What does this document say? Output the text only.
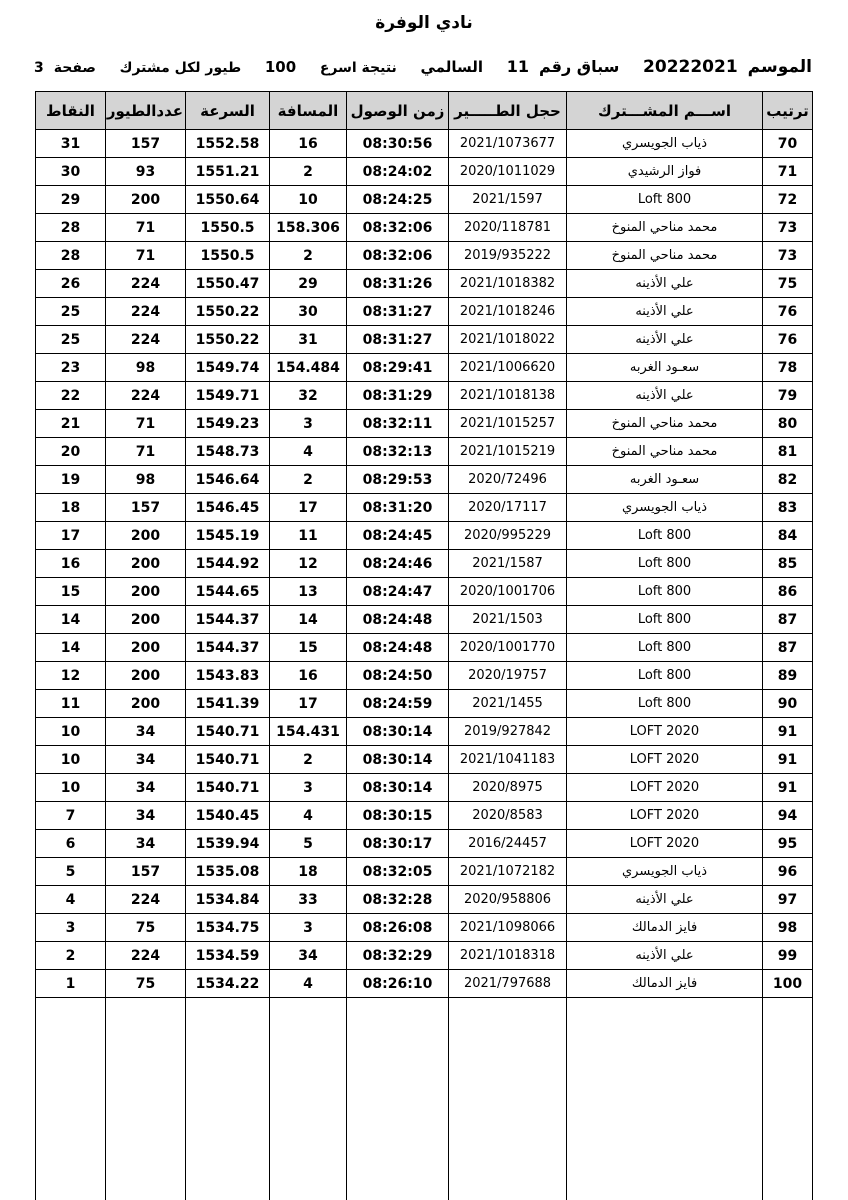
نادي الوفرة
الموسم20222021
سباق رقم11
السالمي
نتيجة اسرع
100
طيور لكل مشترك
صفحة3
ترتيب	اســـم المشـــترك	حجل الطـــــير	زمن الوصول	المسافة	السرعة	عددالطيور	النقاط
70	ذياب الجويسري	2021/1073677	08:30:56	16	1552.58	157	31
71	فواز الرشيدي	2020/1011029	08:24:02	2	1551.21	93	30
72	Loft 800	2021/1597	08:24:25	10	1550.64	200	29
73	محمد مناحي المنوخ	2020/118781	08:32:06	158.306	1550.5	71	28
73	محمد مناحي المنوخ	2019/935222	08:32:06	2	1550.5	71	28
75	علي الأذينه	2021/1018382	08:31:26	29	1550.47	224	26
76	علي الأذينه	2021/1018246	08:31:27	30	1550.22	224	25
76	علي الأذينه	2021/1018022	08:31:27	31	1550.22	224	25
78	سعـود الغربه	2021/1006620	08:29:41	154.484	1549.74	98	23
79	علي الأذينه	2021/1018138	08:31:29	32	1549.71	224	22
80	محمد مناحي المنوخ	2021/1015257	08:32:11	3	1549.23	71	21
81	محمد مناحي المنوخ	2021/1015219	08:32:13	4	1548.73	71	20
82	سعـود الغربه	2020/72496	08:29:53	2	1546.64	98	19
83	ذياب الجويسري	2020/17117	08:31:20	17	1546.45	157	18
84	Loft 800	2020/995229	08:24:45	11	1545.19	200	17
85	Loft 800	2021/1587	08:24:46	12	1544.92	200	16
86	Loft 800	2020/1001706	08:24:47	13	1544.65	200	15
87	Loft 800	2021/1503	08:24:48	14	1544.37	200	14
87	Loft 800	2020/1001770	08:24:48	15	1544.37	200	14
89	Loft 800	2020/19757	08:24:50	16	1543.83	200	12
90	Loft 800	2021/1455	08:24:59	17	1541.39	200	11
91	LOFT 2020	2019/927842	08:30:14	154.431	1540.71	34	10
91	LOFT 2020	2021/1041183	08:30:14	2	1540.71	34	10
91	LOFT 2020	2020/8975	08:30:14	3	1540.71	34	10
94	LOFT 2020	2020/8583	08:30:15	4	1540.45	34	7
95	LOFT 2020	2016/24457	08:30:17	5	1539.94	34	6
96	ذياب الجويسري	2021/1072182	08:32:05	18	1535.08	157	5
97	علي الأذينه	2020/958806	08:32:28	33	1534.84	224	4
98	فايز الدمالك	2021/1098066	08:26:08	3	1534.75	75	3
99	علي الأذينه	2021/1018318	08:32:29	34	1534.59	224	2
100	فايز الدمالك	2021/797688	08:26:10	4	1534.22	75	1
